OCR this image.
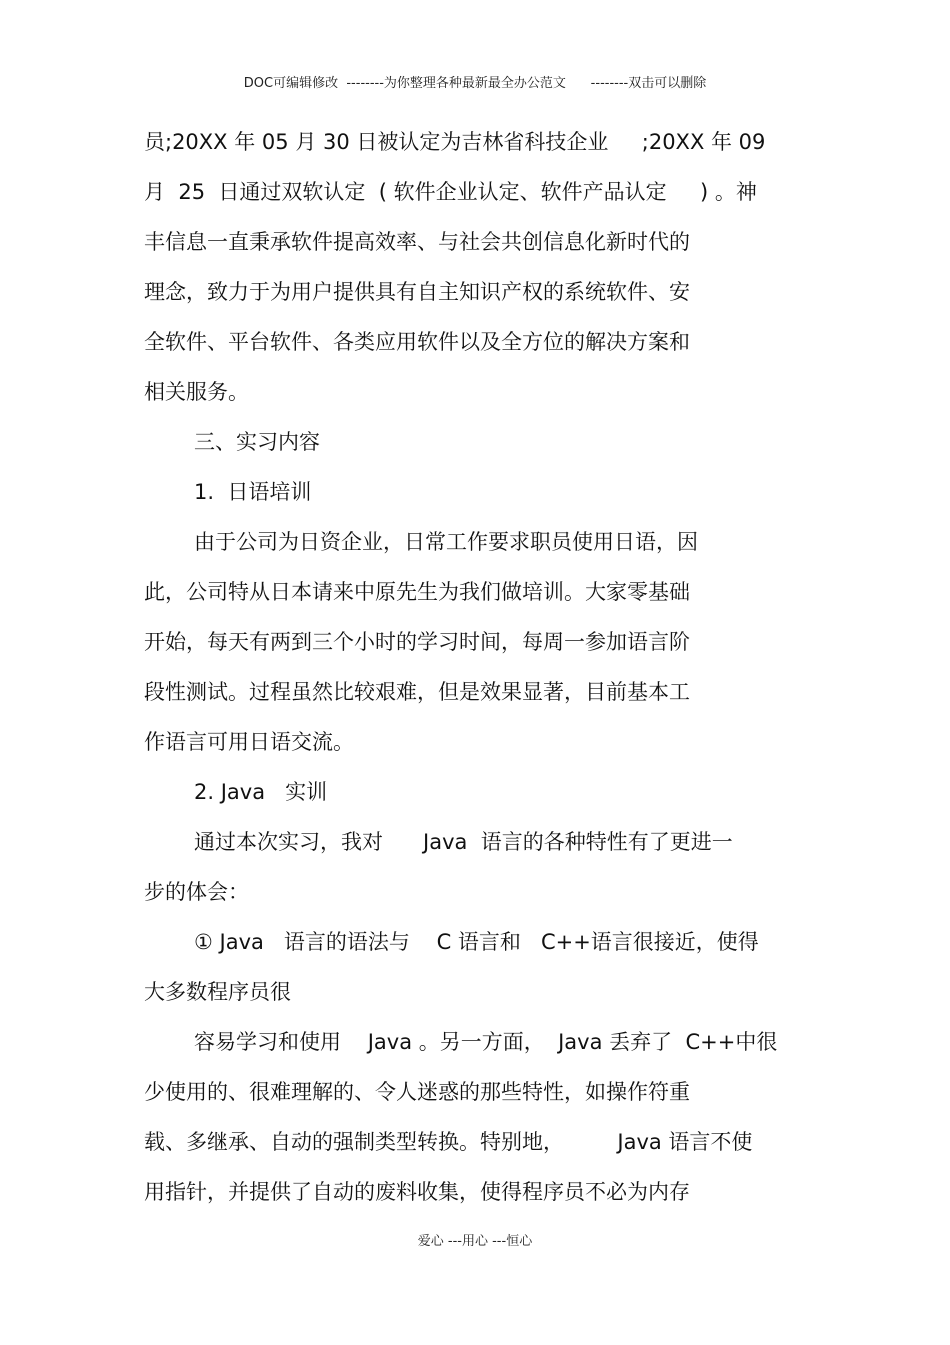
DOC可编辑修改  --------为你整理各种最新最全办公范文      --------双击可以删除
员;20XX 年 05 月 30 日被认定为吉林省科技企业     ;20XX 年 09
月  25  日通过双软认定  ( 软件企业认定、软件产品认定     ) 。神
丰信息一直秉承软件提高效率、与社会共创信息化新时代的
理念，致力于为用户提供具有自主知识产权的系统软件、安
全软件、平台软件、各类应用软件以及全方位的解决方案和
相关服务。
三、实习内容
1.  日语培训
由于公司为日资企业，日常工作要求职员使用日语，因
此，公司特从日本请来中原先生为我们做培训。大家零基础
开始，每天有两到三个小时的学习时间，每周一参加语言阶
段性测试。过程虽然比较艰难，但是效果显著，目前基本工
作语言可用日语交流。
2. Java   实训
通过本次实习，我对      Java  语言的各种特性有了更进一
步的体会：
① Java   语言的语法与    C 语言和   C++语言很接近，使得
大多数程序员很
容易学习和使用    Java 。另一方面，  Java 丢弃了  C++中很
少使用的、很难理解的、令人迷惑的那些特性，如操作符重
载、多继承、自动的强制类型转换。特别地，        Java 语言不使
用指针，并提供了自动的废料收集，使得程序员不必为内存
爱心 ---用心 ---恒心
